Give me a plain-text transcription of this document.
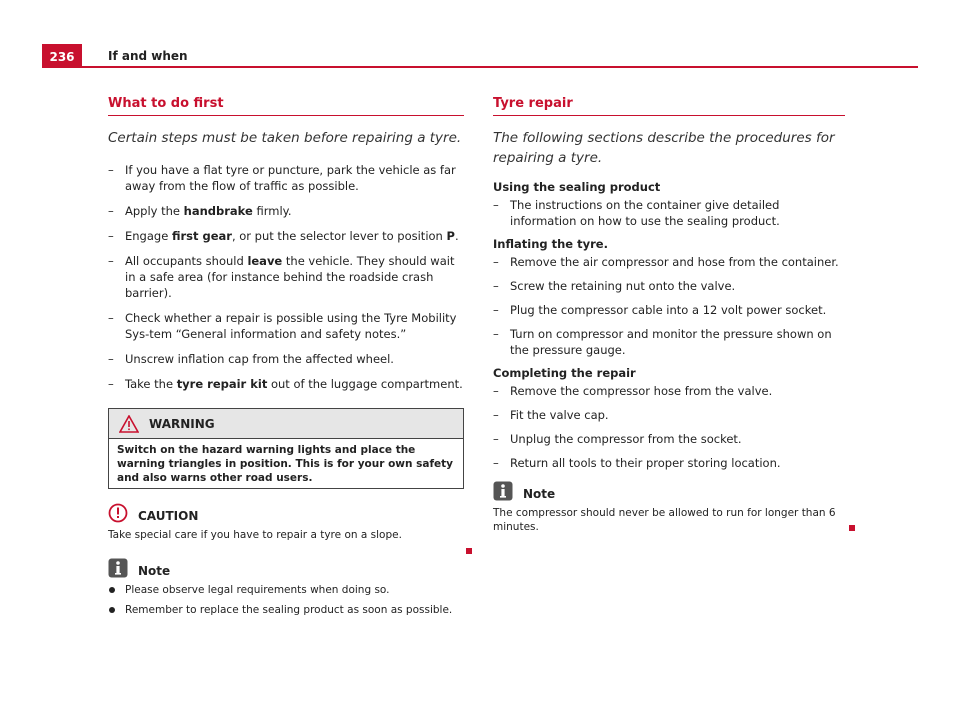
236	If and when
What to do first

Certain steps must be taken before repairing a tyre.

– If you have a flat tyre or puncture, park the vehicle as far away from the flow of traffic as possible.
– Apply the handbrake firmly.
– Engage first gear, or put the selector lever to position P.
– All occupants should leave the vehicle. They should wait in a safe area (for instance behind the roadside crash barrier).
– Check whether a repair is possible using the Tyre Mobility Sys-tem “General information and safety notes.”
– Unscrew inflation cap from the affected wheel.
– Take the tyre repair kit out of the luggage compartment.
WARNING
Switch on the hazard warning lights and place the warning triangles in position. This is for your own safety and also warns other road users.
CAUTION
Take special care if you have to repair a tyre on a slope.
Note
Please observe legal requirements when doing so.
Remember to replace the sealing product as soon as possible.
Tyre repair

The following sections describe the procedures for repairing a tyre.

Using the sealing product

– The instructions on the container give detailed information on how to use the sealing product.

Inflating the tyre.

– Remove the air compressor and hose from the container.
– Screw the retaining nut onto the valve.
– Plug the compressor cable into a 12 volt power socket.
– Turn on compressor and monitor the pressure shown on the pressure gauge.

Completing the repair

– Remove the compressor hose from the valve.
– Fit the valve cap.
– Unplug the compressor from the socket.
– Return all tools to their proper storing location.
Note
The compressor should never be allowed to run for longer than 6 minutes.
